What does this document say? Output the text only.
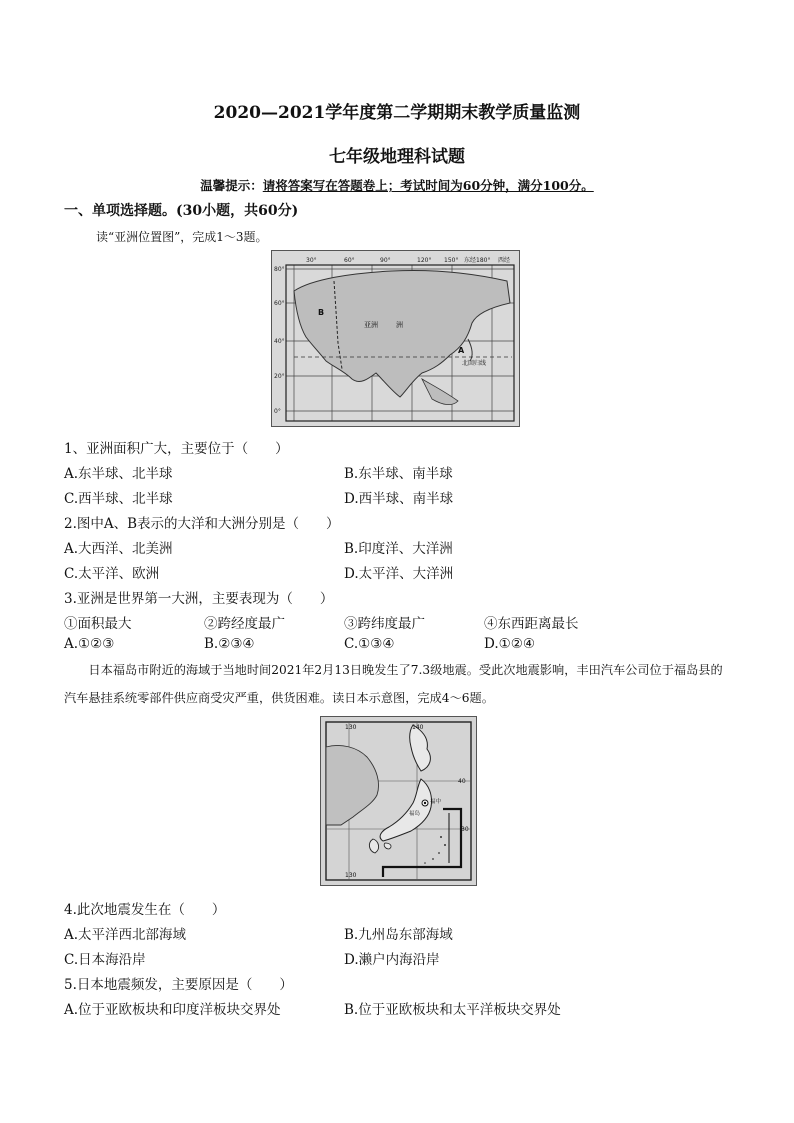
2020—2021学年度第二学期期末教学质量监测
七年级地理科试题
温馨提示：请将答案写在答题卷上；考试时间为60分钟，满分100分。
一、单项选择题。(30小题，共60分)
读“亚洲位置图”，完成1～3题。
30°	60°	90°	120° 150° 东经180° 西经
80°
60°
40°
20°
0°
A
B
亚洲	洲
北回归线
1、亚洲面积广大，主要位于（　　）
A.东半球、北半球	B.东半球、南半球
C.西半球、北半球	D.西半球、南半球
2.图中A、B表示的大洋和大洲分别是（　　）
A.大西洋、北美洲	B.印度洋、大洋洲
C.太平洋、欧洲	D.太平洋、大洋洲
3.亚洲是世界第一大洲，主要表现为（　　）
①面积最大	②跨经度最广	③跨纬度最广	④东西距离最长
A.①②③	B.②③④	C.①③④	D.①②④
日本福岛市附近的海域于当地时间2021年2月13日晚发生了7.3级地震。受此次地震影响，丰田汽车公司位于福岛县的汽车悬挂系统零部件供应商受灾严重，供货困难。读日本示意图，完成4～6题。
130	140
40
30
130
福岛
福中
4.此次地震发生在（　　）
A.太平洋西北部海域	B.九州岛东部海域
C.日本海沿岸	D.濑户内海沿岸
5.日本地震频发，主要原因是（　　）
A.位于亚欧板块和印度洋板块交界处	B.位于亚欧板块和太平洋板块交界处
